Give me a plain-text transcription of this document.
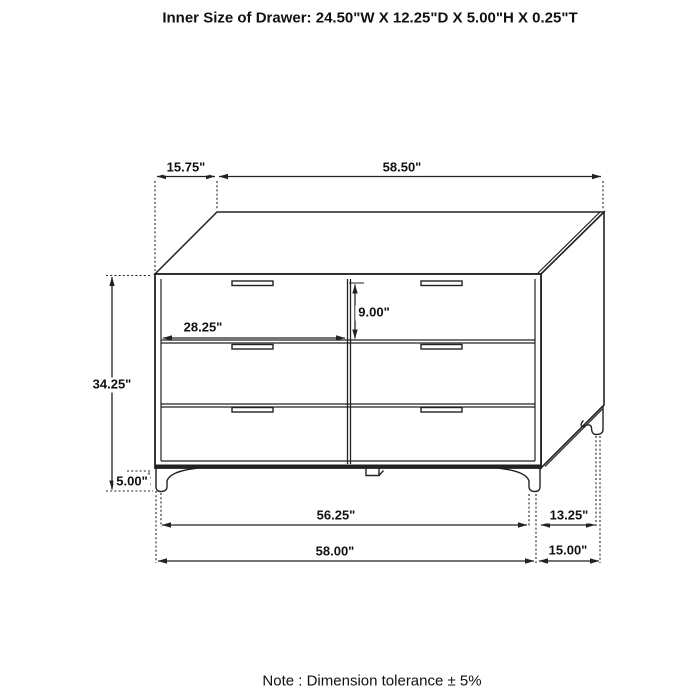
Inner Size of Drawer: 24.50"W X 12.25"D X 5.00"H X 0.25"T
15.75"	58.50"
28.25"
9.00"
34.25"
5.00"
56.25"	13.25"
58.00"	15.00"
Note : Dimension tolerance ± 5%
